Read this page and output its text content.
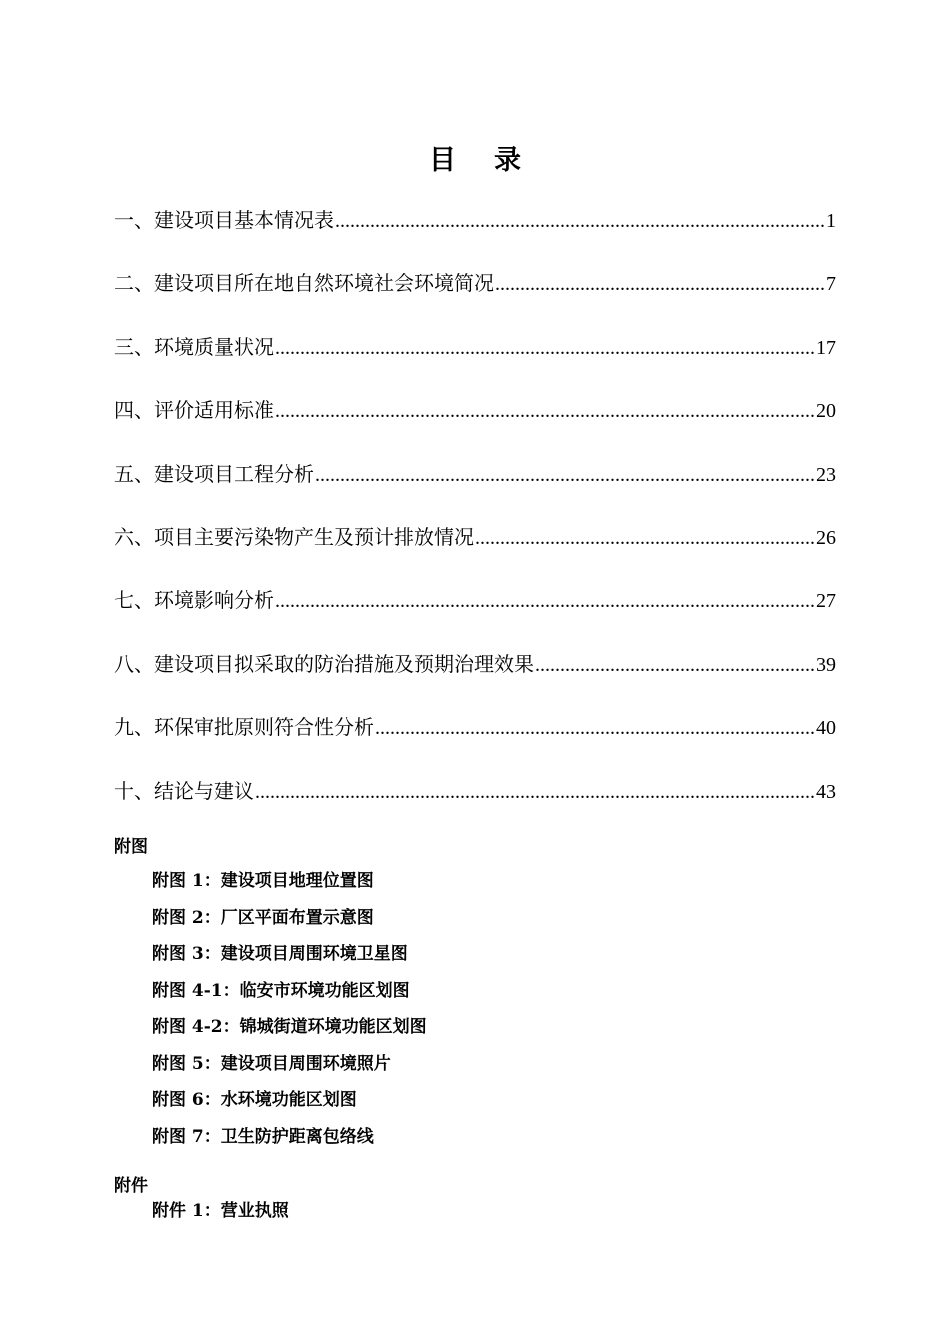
目 录
一、建设项目基本情况表 .....	1
二、建设项目所在地自然环境社会环境简况 .....	7
三、环境质量状况 .....	17
四、评价适用标准 .....	20
五、建设项目工程分析 .....	23
六、项目主要污染物产生及预计排放情况 .....	26
七、环境影响分析 .....	27
八、建设项目拟采取的防治措施及预期治理效果 .....	39
九、环保审批原则符合性分析 .....	40
十、结论与建议 .....	43
附图
附图 1：建设项目地理位置图
附图 2：厂区平面布置示意图
附图 3：建设项目周围环境卫星图
附图 4-1：临安市环境功能区划图
附图 4-2：锦城街道环境功能区划图
附图 5：建设项目周围环境照片
附图 6：水环境功能区划图
附图 7：卫生防护距离包络线
附件
附件 1：营业执照
